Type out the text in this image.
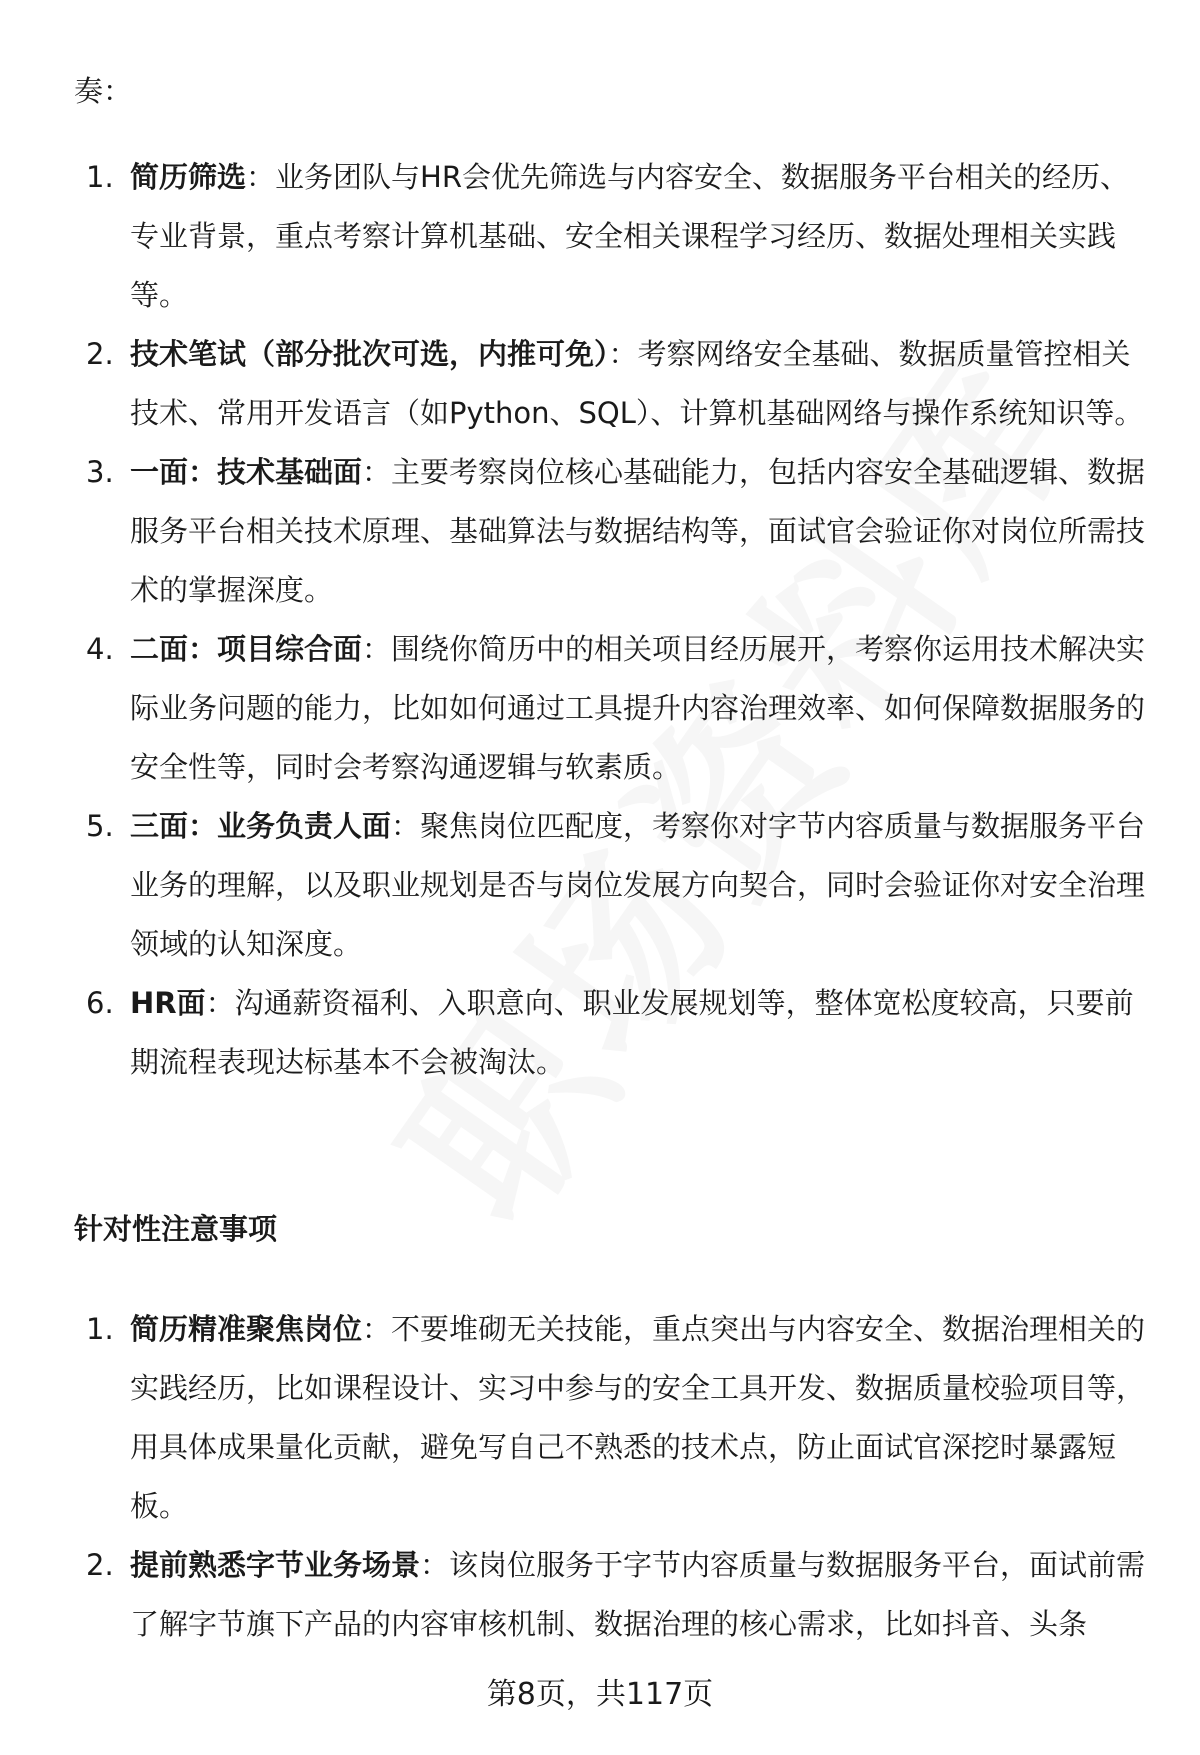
奏：
1. 简历筛选：业务团队与HR会优先筛选与内容安全、数据服务平台相关的经历、专业背景，重点考察计算机基础、安全相关课程学习经历、数据处理相关实践等。
2. 技术笔试（部分批次可选，内推可免）：考察网络安全基础、数据质量管控相关技术、常用开发语言（如Python、SQL）、计算机基础网络与操作系统知识等。
3. 一面：技术基础面：主要考察岗位核心基础能力，包括内容安全基础逻辑、数据服务平台相关技术原理、基础算法与数据结构等，面试官会验证你对岗位所需技术的掌握深度。
4. 二面：项目综合面：围绕你简历中的相关项目经历展开，考察你运用技术解决实际业务问题的能力，比如如何通过工具提升内容治理效率、如何保障数据服务的安全性等，同时会考察沟通逻辑与软素质。
5. 三面：业务负责人面：聚焦岗位匹配度，考察你对字节内容质量与数据服务平台业务的理解，以及职业规划是否与岗位发展方向契合，同时会验证你对安全治理领域的认知深度。
6. HR面：沟通薪资福利、入职意向、职业发展规划等，整体宽松度较高，只要前期流程表现达标基本不会被淘汰。
针对性注意事项
1. 简历精准聚焦岗位：不要堆砌无关技能，重点突出与内容安全、数据治理相关的实践经历，比如课程设计、实习中参与的安全工具开发、数据质量校验项目等，用具体成果量化贡献，避免写自己不熟悉的技术点，防止面试官深挖时暴露短板。
2. 提前熟悉字节业务场景：该岗位服务于字节内容质量与数据服务平台，面试前需了解字节旗下产品的内容审核机制、数据治理的核心需求，比如抖音、头条
第8页，共117页
